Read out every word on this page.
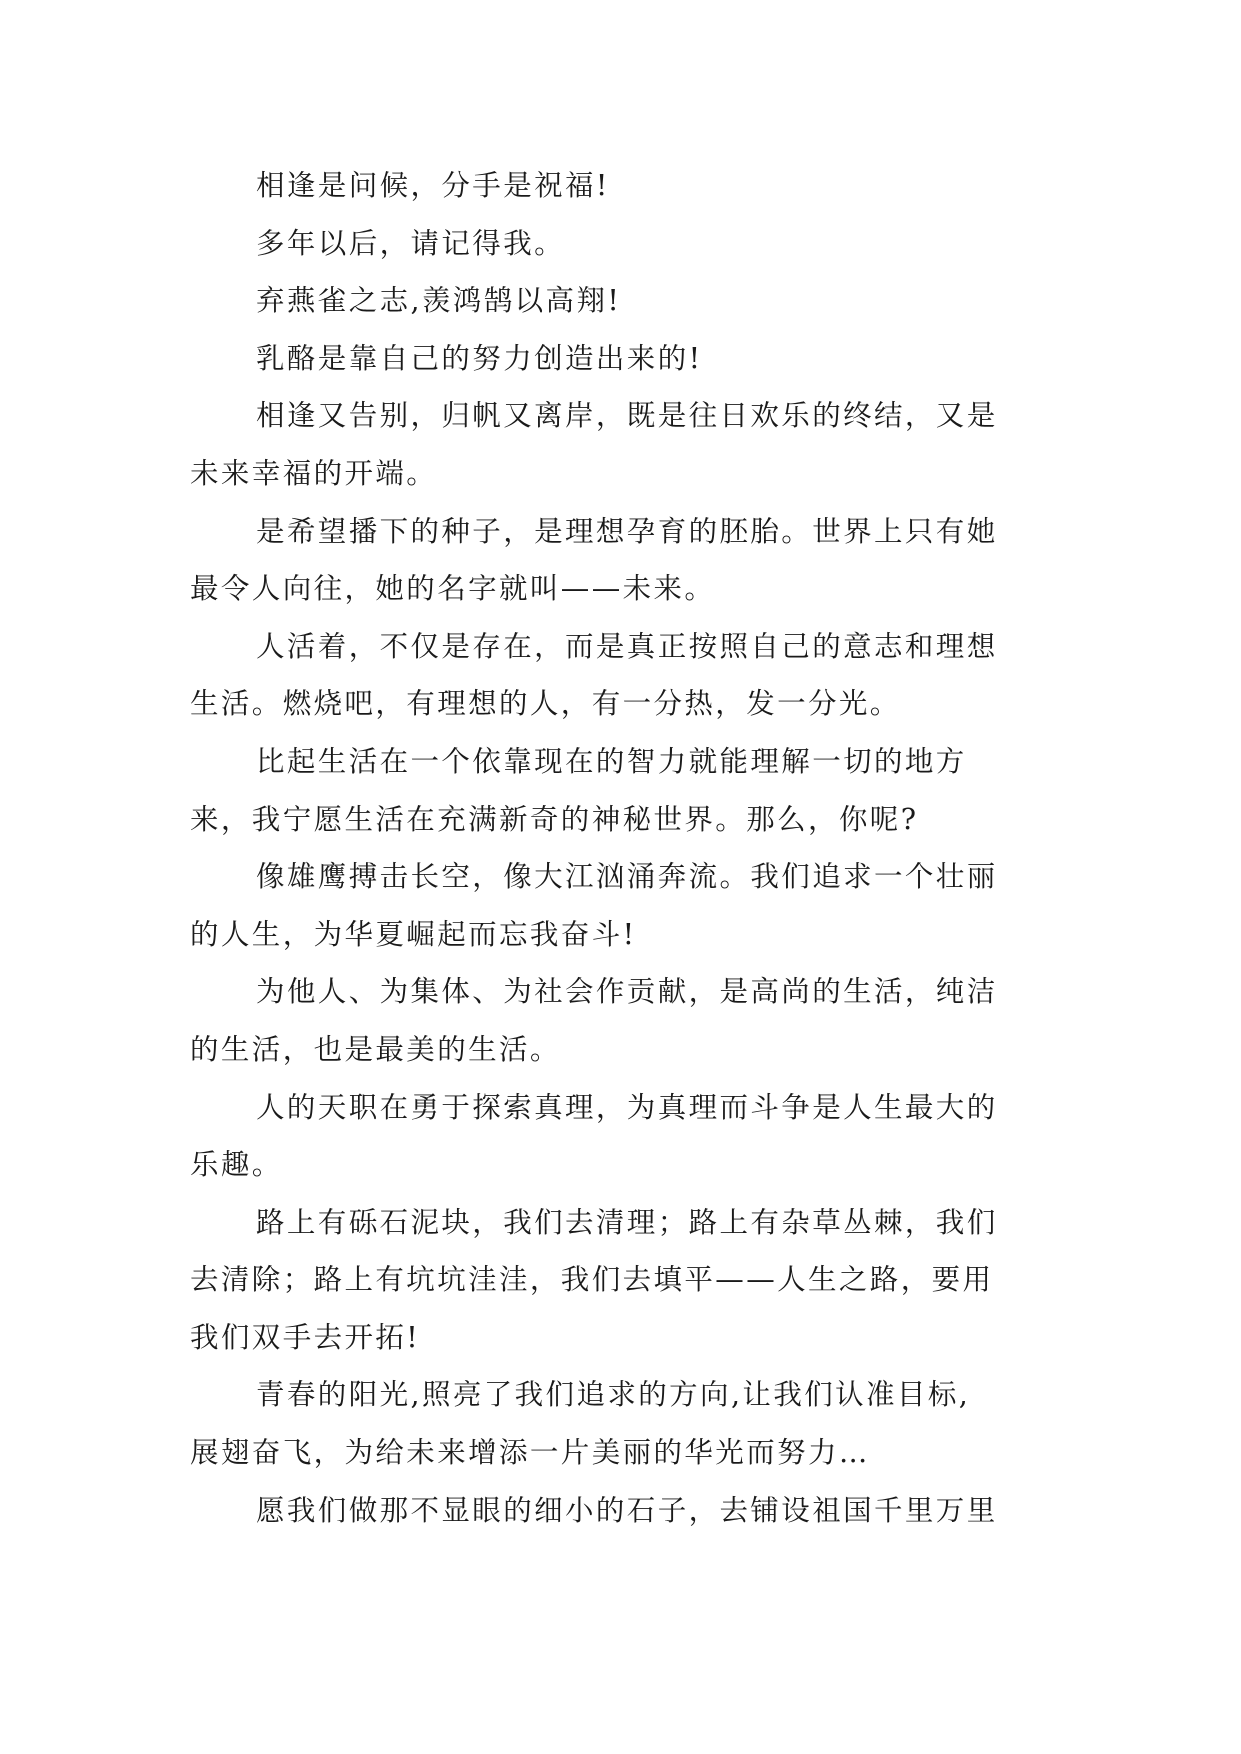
相逢是问候，分手是祝福!
多年以后，请记得我。
弃燕雀之志,羡鸿鹄以高翔!
乳酪是靠自己的努力创造出来的!
相逢又告别，归帆又离岸，既是往日欢乐的终结，又是
未来幸福的开端。
是希望播下的种子，是理想孕育的胚胎。世界上只有她
最令人向往，她的名字就叫——未来。
人活着，不仅是存在，而是真正按照自己的意志和理想
生活。燃烧吧，有理想的人，有一分热，发一分光。
比起生活在一个依靠现在的智力就能理解一切的地方
来，我宁愿生活在充满新奇的神秘世界。那么，你呢?
像雄鹰搏击长空，像大江汹涌奔流。我们追求一个壮丽
的人生，为华夏崛起而忘我奋斗!
为他人、为集体、为社会作贡献，是高尚的生活，纯洁
的生活，也是最美的生活。
人的天职在勇于探索真理，为真理而斗争是人生最大的
乐趣。
路上有砾石泥块，我们去清理；路上有杂草丛棘，我们
去清除；路上有坑坑洼洼，我们去填平——人生之路，要用
我们双手去开拓!
青春的阳光,照亮了我们追求的方向,让我们认准目标,
展翅奋飞，为给未来增添一片美丽的华光而努力…
愿我们做那不显眼的细小的石子，去铺设祖国千里万里
